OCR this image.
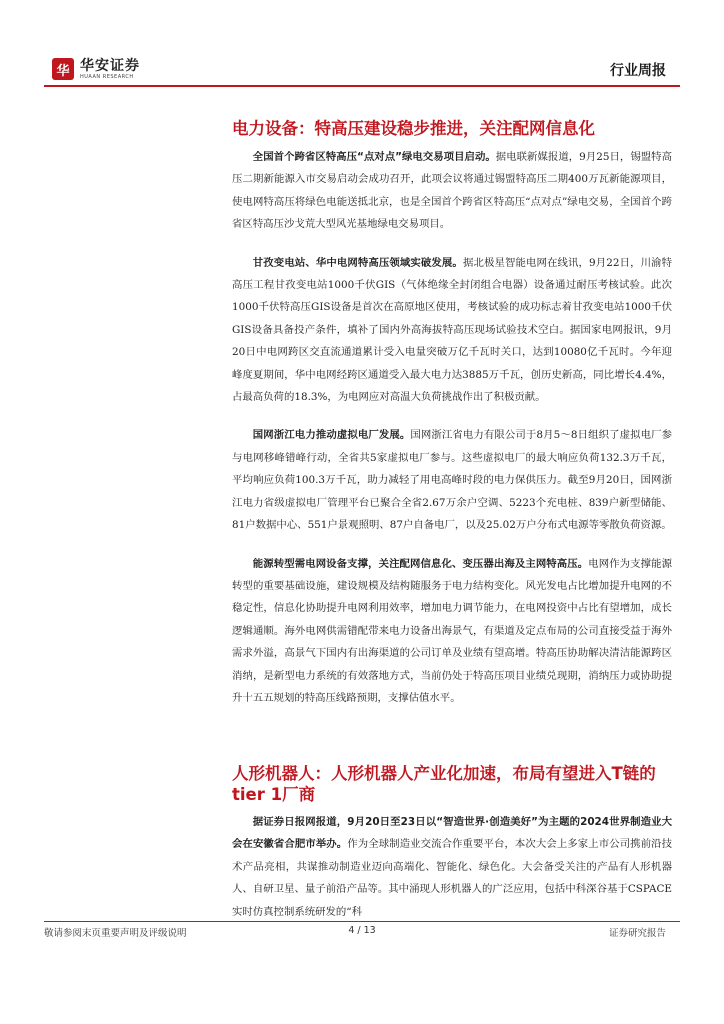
华 华安证券
HUAAN RESEARCH	行业周报
电力设备：特高压建设稳步推进，关注配网信息化

全国首个跨省区特高压“点对点”绿电交易项目启动。据电联新媒报道，9月25日，锡盟特高压二期新能源入市交易启动会成功召开，此项会议将通过锡盟特高压二期400万瓦新能源项目，使电网特高压将绿色电能送抵北京，也是全国首个跨省区特高压“点对点”绿电交易，全国首个跨省区特高压沙戈荒大型风光基地绿电交易项目。

甘孜变电站、华中电网特高压领域实破发展。据北极星智能电网在线讯，9月22日，川渝特高压工程甘孜变电站1000千伏GIS（气体绝缘全封闭组合电器）设备通过耐压考核试验。此次1000千伏特高压GIS设备是首次在高原地区使用，考核试验的成功标志着甘孜变电站1000千伏GIS设备具备投产条件，填补了国内外高海拔特高压现场试验技术空白。据国家电网报讯，9月20日中电网跨区交直流通道累计受入电量突破万亿千瓦时关口，达到10080亿千瓦时。今年迎峰度夏期间，华中电网经跨区通道受入最大电力达3885万千瓦，创历史新高，同比增长4.4%，占最高负荷的18.3%，为电网应对高温大负荷挑战作出了积极贡献。

国网浙江电力推动虚拟电厂发展。国网浙江省电力有限公司于8月5～8日组织了虚拟电厂参与电网移峰错峰行动，全省共5家虚拟电厂参与。这些虚拟电厂的最大响应负荷132.3万千瓦，平均响应负荷100.3万千瓦，助力减轻了用电高峰时段的电力保供压力。截至9月20日，国网浙江电力省级虚拟电厂管理平台已聚合全省2.67万余户空调、5223个充电桩、839户新型储能、81户数据中心、551户景观照明、87户自备电厂，以及25.02万户分布式电源等零散负荷资源。

能源转型需电网设备支撑，关注配网信息化、变压器出海及主网特高压。电网作为支撑能源转型的重要基础设施，建设规模及结构随服务于电力结构变化。风光发电占比增加提升电网的不稳定性，信息化协助提升电网利用效率，增加电力调节能力，在电网投资中占比有望增加，成长逻辑通顺。海外电网供需错配带来电力设备出海景气，有渠道及定点布局的公司直接受益于海外需求外溢，高景气下国内有出海渠道的公司订单及业绩有望高增。特高压协助解决清洁能源跨区消纳，是新型电力系统的有效落地方式，当前仍处于特高压项目业绩兑现期，消纳压力或协助提升十五五规划的特高压线路预期，支撑估值水平。

人形机器人：人形机器人产业化加速，布局有望进入T链的tier 1厂商

据证券日报网报道，9月20日至23日以“智造世界·创造美好”为主题的2024世界制造业大会在安徽省合肥市举办。作为全球制造业交流合作重要平台，本次大会上多家上市公司携前沿技术产品亮相，共谋推动制造业迈向高端化、智能化、绿色化。大会备受关注的产品有人形机器人、自研卫星、量子前沿产品等。其中涌现人形机器人的广泛应用，包括中科深谷基于CSPACE实时仿真控制系统研发的“科

敬请参阅末页重要声明及评级说明	4 / 13	证券研究报告
